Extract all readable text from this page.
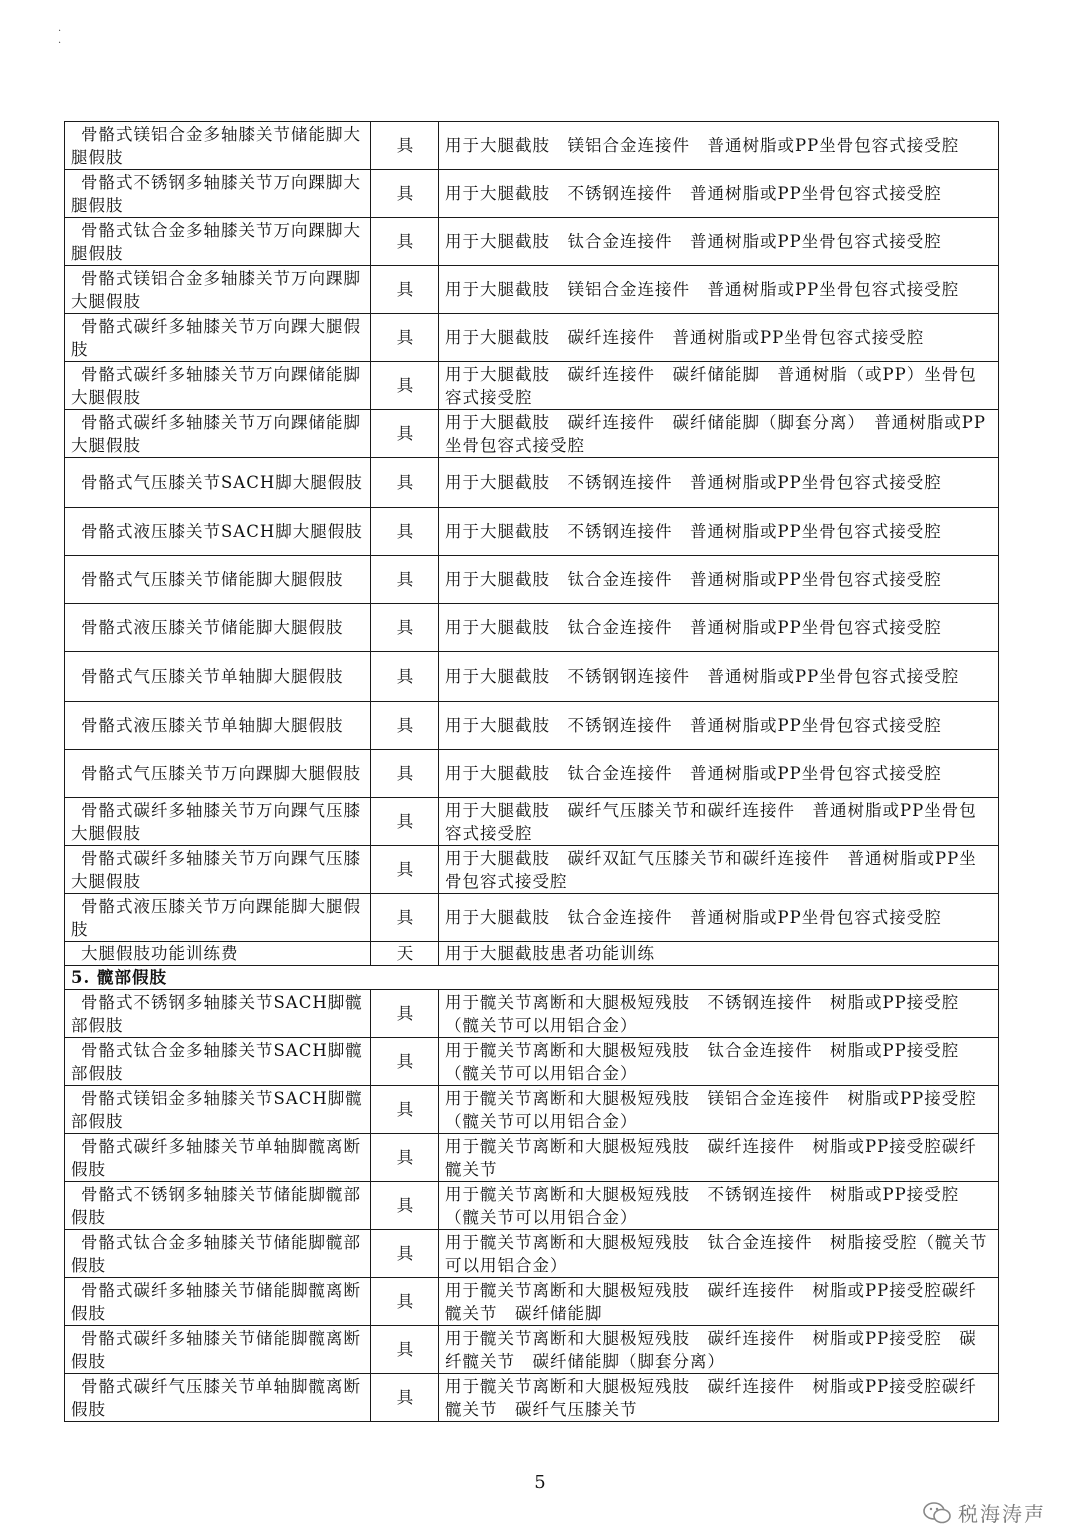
·
·
骨骼式镁铝合金多轴膝关节储能脚大腿假肢	具	用于大腿截肢　镁铝合金连接件　普通树脂或PP坐骨包容式接受腔
骨骼式不锈钢多轴膝关节万向踝脚大腿假肢	具	用于大腿截肢　不锈钢连接件　普通树脂或PP坐骨包容式接受腔
骨骼式钛合金多轴膝关节万向踝脚大腿假肢	具	用于大腿截肢　钛合金连接件　普通树脂或PP坐骨包容式接受腔
骨骼式镁铝合金多轴膝关节万向踝脚大腿假肢	具	用于大腿截肢　镁铝合金连接件　普通树脂或PP坐骨包容式接受腔
骨骼式碳纤多轴膝关节万向踝大腿假肢	具	用于大腿截肢　碳纤连接件　普通树脂或PP坐骨包容式接受腔
骨骼式碳纤多轴膝关节万向踝储能脚大腿假肢	具	用于大腿截肢　碳纤连接件　碳纤储能脚　普通树脂（或PP）坐骨包容式接受腔
骨骼式碳纤多轴膝关节万向踝储能脚大腿假肢	具	用于大腿截肢　碳纤连接件　碳纤储能脚（脚套分离）　普通树脂或PP坐骨包容式接受腔
骨骼式气压膝关节SACH脚大腿假肢	具	用于大腿截肢　不锈钢连接件　普通树脂或PP坐骨包容式接受腔
骨骼式液压膝关节SACH脚大腿假肢	具	用于大腿截肢　不锈钢连接件　普通树脂或PP坐骨包容式接受腔
骨骼式气压膝关节储能脚大腿假肢	具	用于大腿截肢　钛合金连接件　普通树脂或PP坐骨包容式接受腔
骨骼式液压膝关节储能脚大腿假肢	具	用于大腿截肢　钛合金连接件　普通树脂或PP坐骨包容式接受腔
骨骼式气压膝关节单轴脚大腿假肢	具	用于大腿截肢　不锈钢钢连接件　普通树脂或PP坐骨包容式接受腔
骨骼式液压膝关节单轴脚大腿假肢	具	用于大腿截肢　不锈钢连接件　普通树脂或PP坐骨包容式接受腔
骨骼式气压膝关节万向踝脚大腿假肢	具	用于大腿截肢　钛合金连接件　普通树脂或PP坐骨包容式接受腔
骨骼式碳纤多轴膝关节万向踝气压膝大腿假肢	具	用于大腿截肢　碳纤气压膝关节和碳纤连接件　普通树脂或PP坐骨包容式接受腔
骨骼式碳纤多轴膝关节万向踝气压膝大腿假肢	具	用于大腿截肢　碳纤双缸气压膝关节和碳纤连接件　普通树脂或PP坐骨包容式接受腔
骨骼式液压膝关节万向踝能脚大腿假肢	具	用于大腿截肢　钛合金连接件　普通树脂或PP坐骨包容式接受腔
大腿假肢功能训练费	天	用于大腿截肢患者功能训练
5. 髋部假肢		
骨骼式不锈钢多轴膝关节SACH脚髋部假肢	具	用于髋关节离断和大腿极短残肢　不锈钢连接件　树脂或PP接受腔（髋关节可以用铝合金）
骨骼式钛合金多轴膝关节SACH脚髋部假肢	具	用于髋关节离断和大腿极短残肢　钛合金连接件　树脂或PP接受腔（髋关节可以用铝合金）
骨骼式镁铝金多轴膝关节SACH脚髋部假肢	具	用于髋关节离断和大腿极短残肢　镁铝合金连接件　树脂或PP接受腔（髋关节可以用铝合金）
骨骼式碳纤多轴膝关节单轴脚髋离断假肢	具	用于髋关节离断和大腿极短残肢　碳纤连接件　树脂或PP接受腔碳纤髋关节
骨骼式不锈钢多轴膝关节储能脚髋部假肢	具	用于髋关节离断和大腿极短残肢　不锈钢连接件　树脂或PP接受腔（髋关节可以用铝合金）
骨骼式钛合金多轴膝关节储能脚髋部假肢	具	用于髋关节离断和大腿极短残肢　钛合金连接件　树脂接受腔（髋关节可以用铝合金）
骨骼式碳纤多轴膝关节储能脚髋离断假肢	具	用于髋关节离断和大腿极短残肢　碳纤连接件　树脂或PP接受腔碳纤髋关节　碳纤储能脚
骨骼式碳纤多轴膝关节储能脚髋离断假肢	具	用于髋关节离断和大腿极短残肢　碳纤连接件　树脂或PP接受腔　碳纤髋关节　碳纤储能脚（脚套分离）
骨骼式碳纤气压膝关节单轴脚髋离断假肢	具	用于髋关节离断和大腿极短残肢　碳纤连接件　树脂或PP接受腔碳纤髋关节　碳纤气压膝关节
5
税海涛声
